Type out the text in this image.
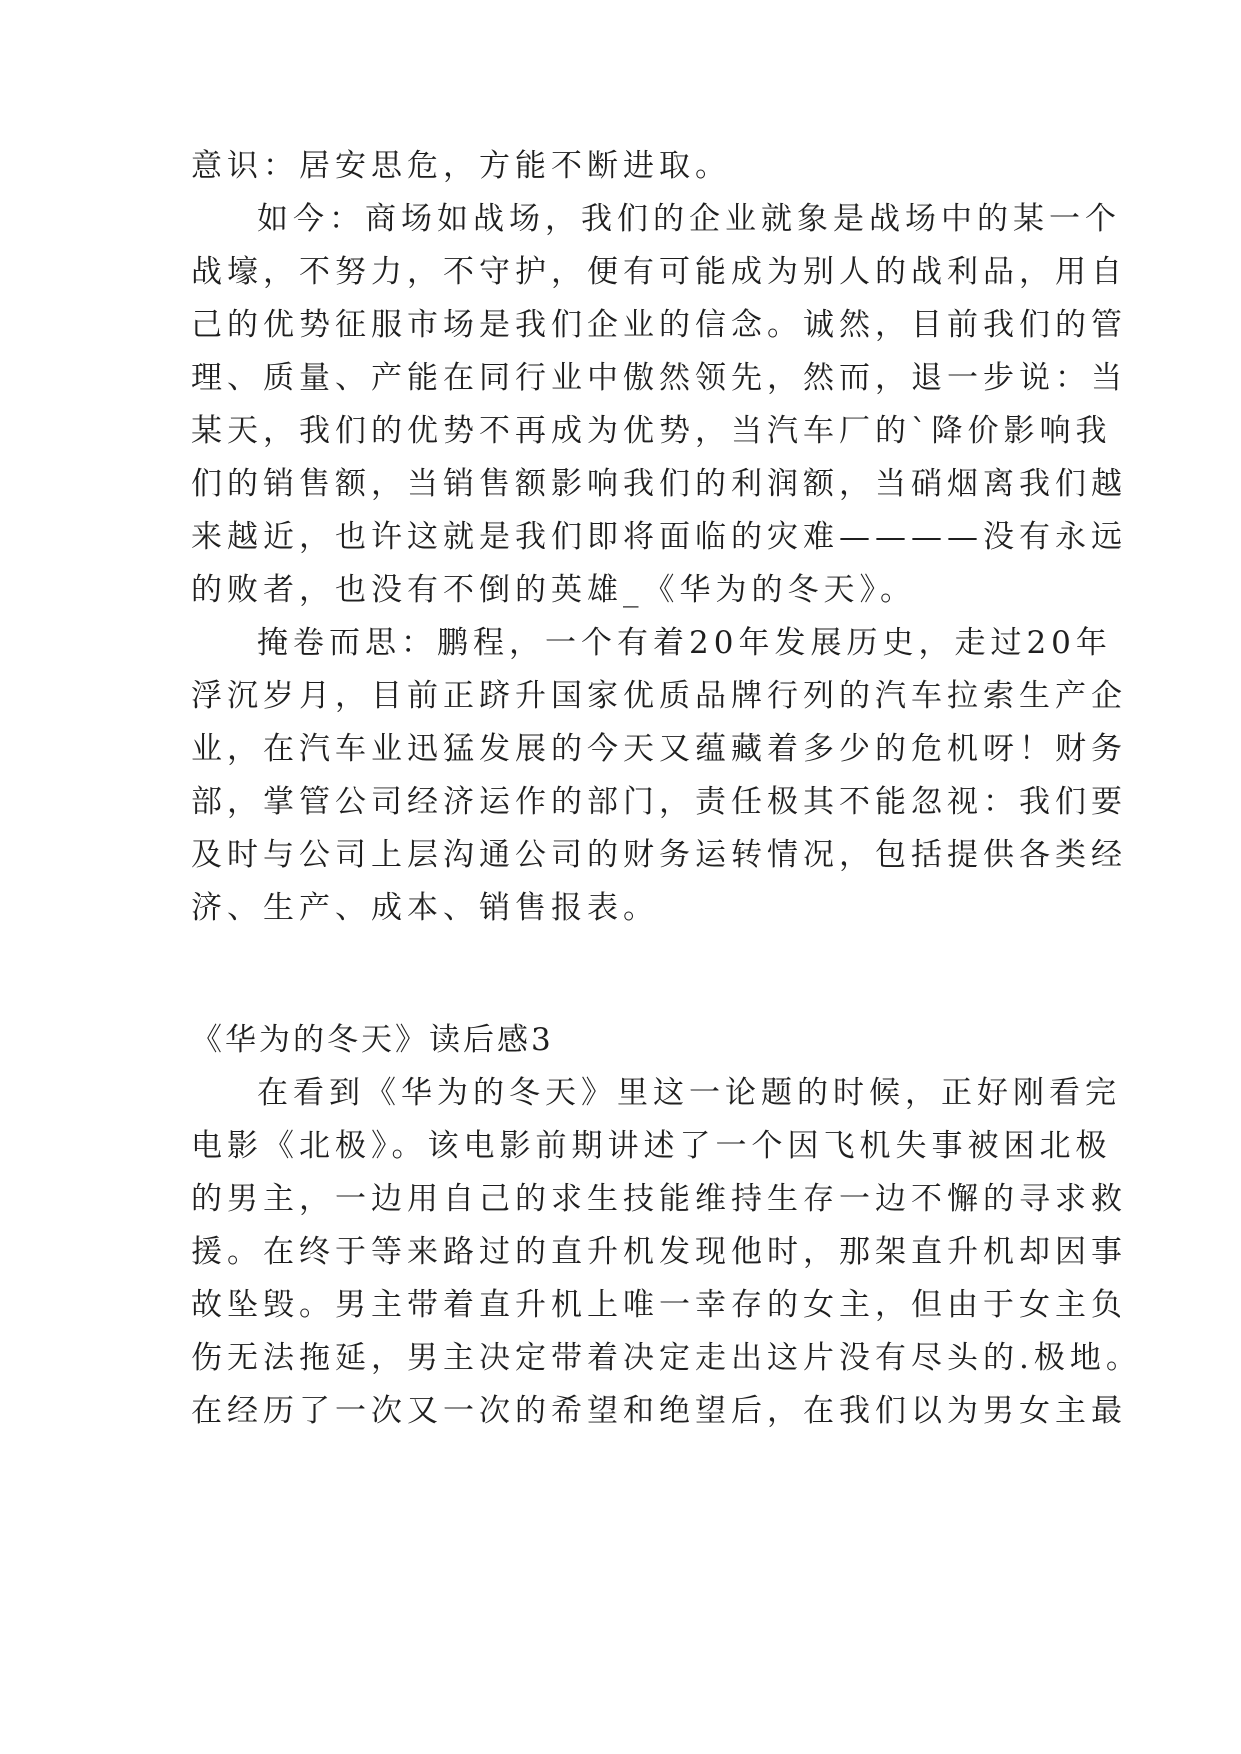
意识：居安思危，方能不断进取。
如今：商场如战场，我们的企业就象是战场中的某一个
战壕，不努力，不守护，便有可能成为别人的战利品，用自
己的优势征服市场是我们企业的信念。诚然，目前我们的管
理、质量、产能在同行业中傲然领先，然而，退一步说：当
某天，我们的优势不再成为优势，当汽车厂的`降价影响我
们的销售额，当销售额影响我们的利润额，当硝烟离我们越
来越近，也许这就是我们即将面临的灾难————没有永远
的败者，也没有不倒的英雄_《华为的冬天》。
掩卷而思：鹏程，一个有着20年发展历史，走过20年
浮沉岁月，目前正跻升国家优质品牌行列的汽车拉索生产企
业，在汽车业迅猛发展的今天又蕴藏着多少的危机呀！财务
部，掌管公司经济运作的部门，责任极其不能忽视：我们要
及时与公司上层沟通公司的财务运转情况，包括提供各类经
济、生产、成本、销售报表。
《华为的冬天》读后感3
在看到《华为的冬天》里这一论题的时候，正好刚看完
电影《北极》。该电影前期讲述了一个因飞机失事被困北极
的男主，一边用自己的求生技能维持生存一边不懈的寻求救
援。在终于等来路过的直升机发现他时，那架直升机却因事
故坠毁。男主带着直升机上唯一幸存的女主，但由于女主负
伤无法拖延，男主决定带着决定走出这片没有尽头的.极地。
在经历了一次又一次的希望和绝望后，在我们以为男女主最
